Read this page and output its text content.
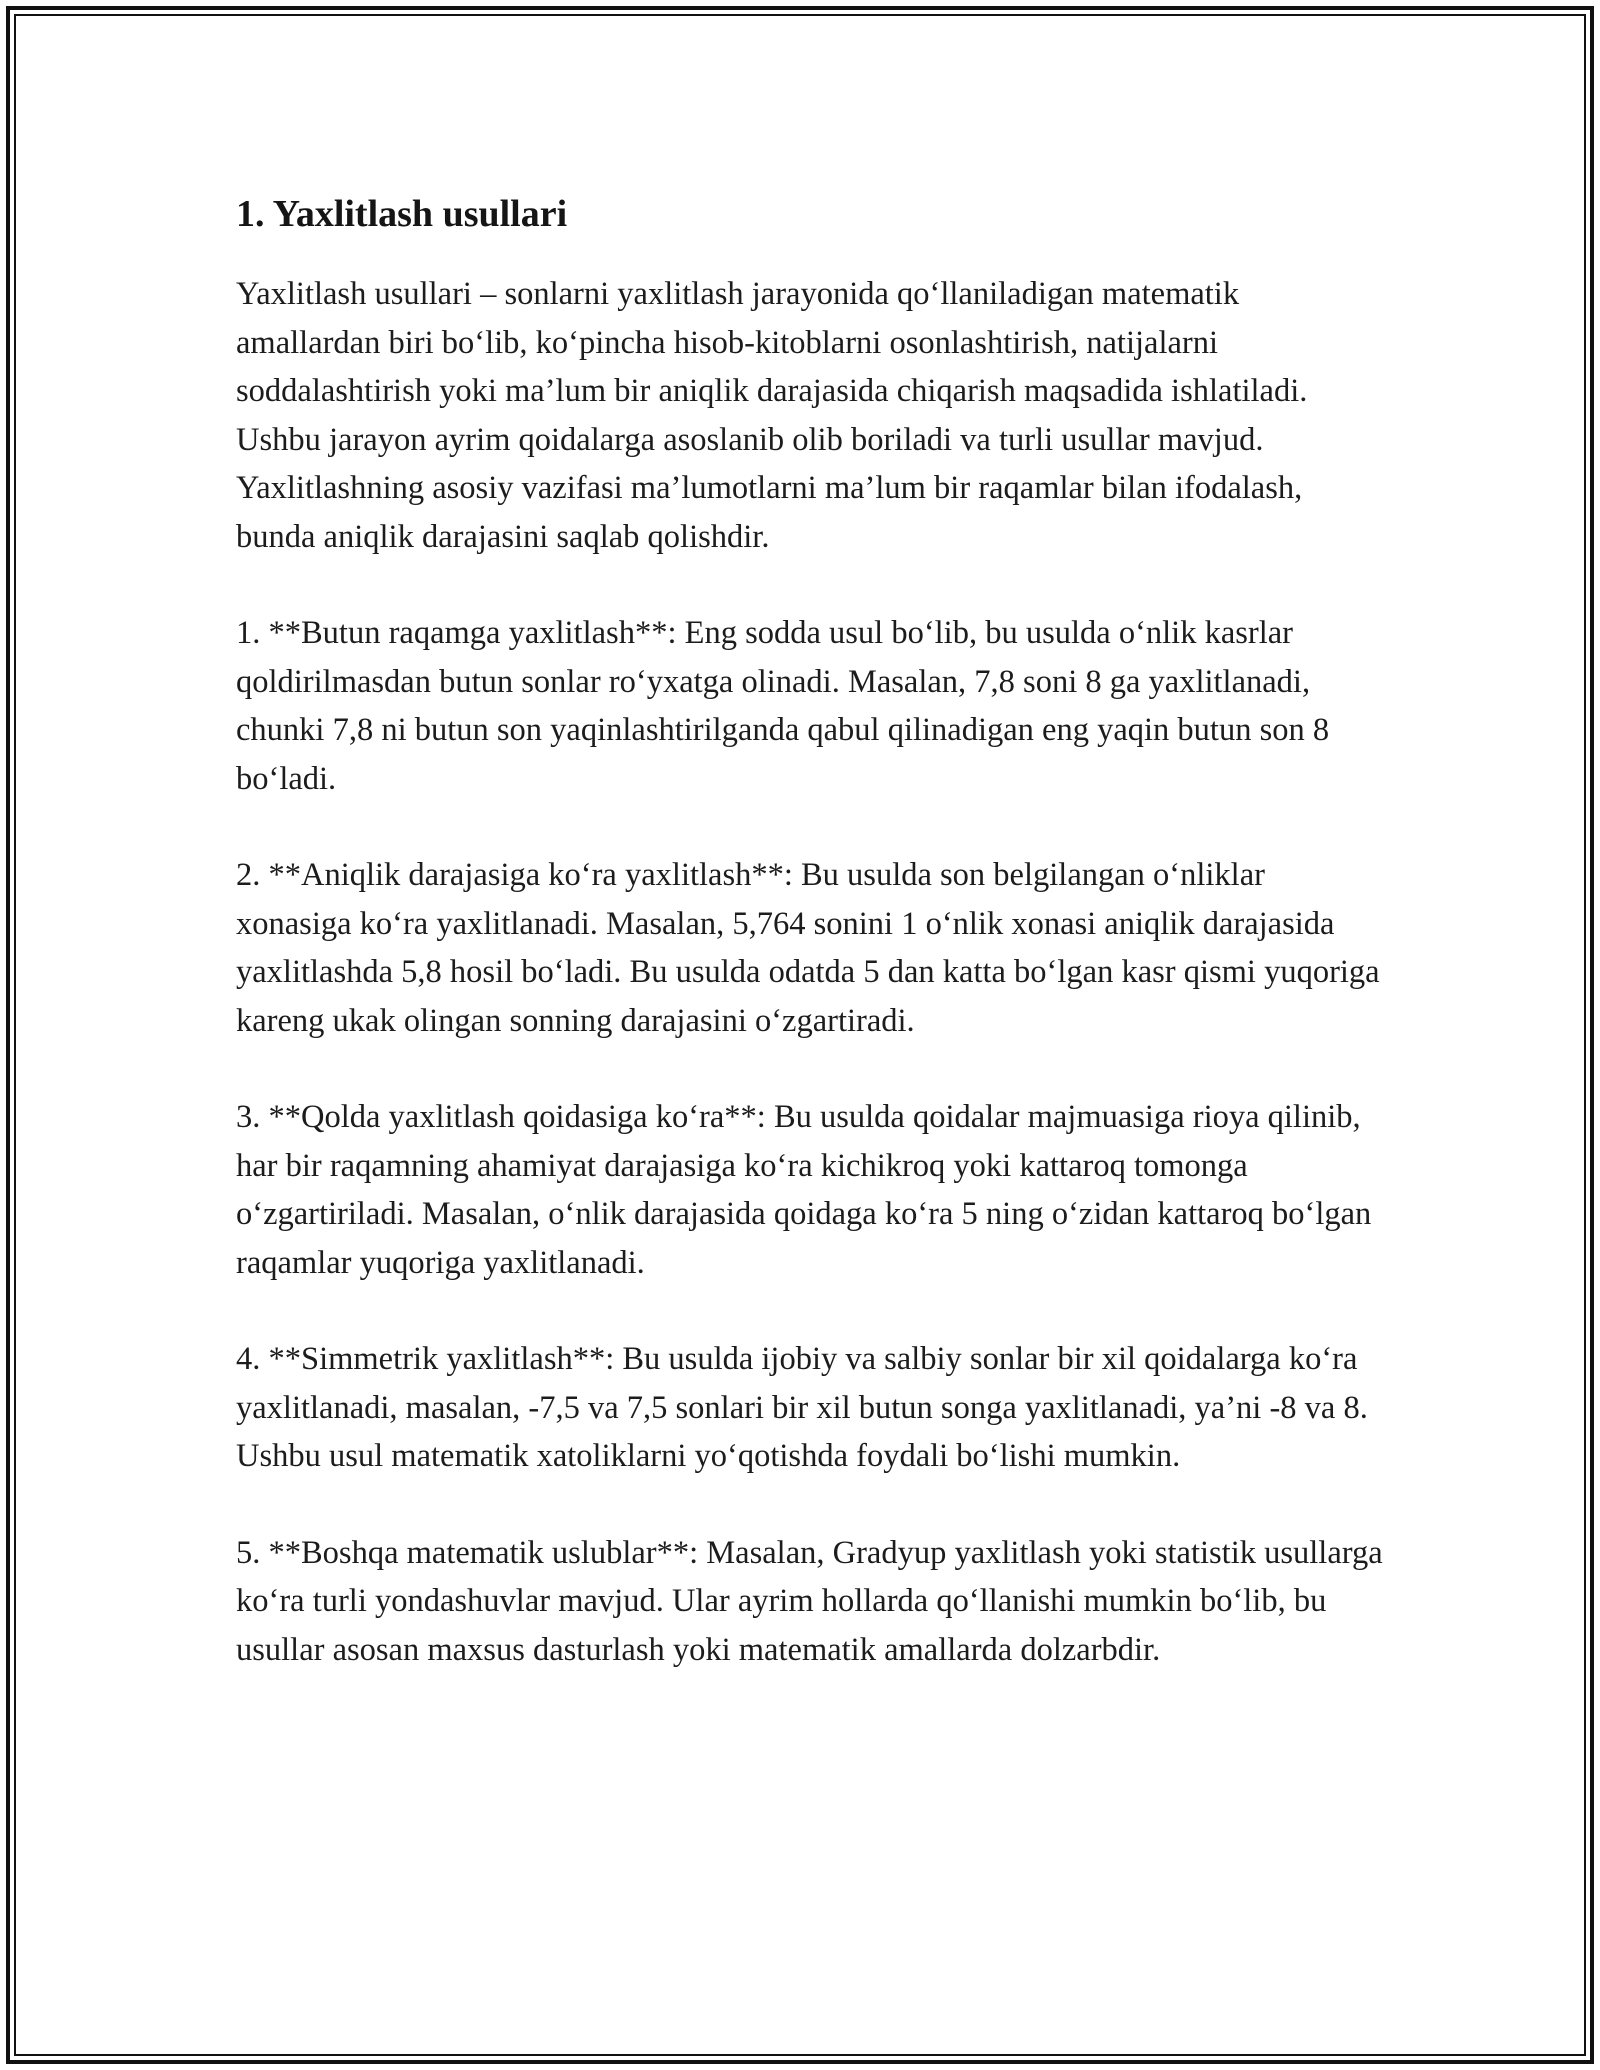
1. Yaxlitlash usullari

Yaxlitlash usullari – sonlarni yaxlitlash jarayonida qo‘llaniladigan matematik amallardan biri bo‘lib, ko‘pincha hisob-kitoblarni osonlashtirish, natijalarni soddalashtirish yoki ma’lum bir aniqlik darajasida chiqarish maqsadida ishlatiladi. Ushbu jarayon ayrim qoidalarga asoslanib olib boriladi va turli usullar mavjud. Yaxlitlashning asosiy vazifasi ma’lumotlarni ma’lum bir raqamlar bilan ifodalash, bunda aniqlik darajasini saqlab qolishdir.

1. **Butun raqamga yaxlitlash**: Eng sodda usul bo‘lib, bu usulda o‘nlik kasrlar qoldirilmasdan butun sonlar ro‘yxatga olinadi. Masalan, 7,8 soni 8 ga yaxlitlanadi, chunki 7,8 ni butun son yaqinlashtirilganda qabul qilinadigan eng yaqin butun son 8 bo‘ladi.

2. **Aniqlik darajasiga ko‘ra yaxlitlash**: Bu usulda son belgilangan o‘nliklar xonasiga ko‘ra yaxlitlanadi. Masalan, 5,764 sonini 1 o‘nlik xonasi aniqlik darajasida yaxlitlashda 5,8 hosil bo‘ladi. Bu usulda odatda 5 dan katta bo‘lgan kasr qismi yuqoriga kareng ukak olingan sonning darajasini o‘zgartiradi.

3. **Qolda yaxlitlash qoidasiga ko‘ra**: Bu usulda qoidalar majmuasiga rioya qilinib, har bir raqamning ahamiyat darajasiga ko‘ra kichikroq yoki kattaroq tomonga o‘zgartiriladi. Masalan, o‘nlik darajasida qoidaga ko‘ra 5 ning o‘zidan kattaroq bo‘lgan raqamlar yuqoriga yaxlitlanadi.

4. **Simmetrik yaxlitlash**: Bu usulda ijobiy va salbiy sonlar bir xil qoidalarga ko‘ra yaxlitlanadi, masalan, -7,5 va 7,5 sonlari bir xil butun songa yaxlitlanadi, ya’ni -8 va 8. Ushbu usul matematik xatoliklarni yo‘qotishda foydali bo‘lishi mumkin.

5. **Boshqa matematik uslublar**: Masalan, Gradyup yaxlitlash yoki statistik usullarga ko‘ra turli yondashuvlar mavjud. Ular ayrim hollarda qo‘llanishi mumkin bo‘lib, bu usullar asosan maxsus dasturlash yoki matematik amallarda dolzarbdir.
